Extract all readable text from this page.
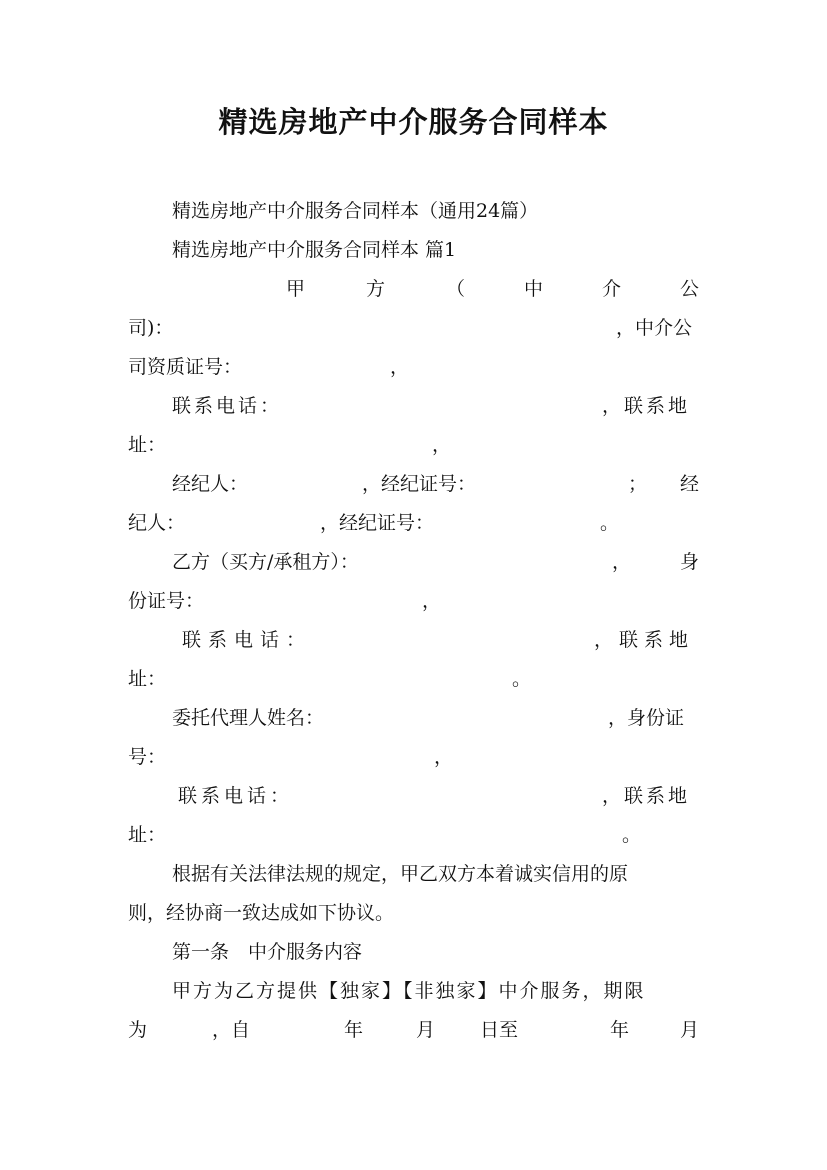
精选房地产中介服务合同样本
精选房地产中介服务合同样本（通用24篇）
精选房地产中介服务合同样本 篇1
甲	方	（	中	介	公
司)：	，中介公
司资质证号：	，
联系电话：	，联系地
址：	，
经纪人：	，经纪证号：	； 经
纪人：	，经纪证号：	。
乙方（买方/承租方）：	，	身
份证号：	，
联系电话：	，联系地
址：	。
委托代理人姓名：	，身份证
号：	，
联系电话：	，联系地
址：	。
根据有关法律法规的规定，甲乙双方本着诚实信用的原
则，经协商一致达成如下协议。
第一条　中介服务内容
甲方为乙方提供【独家】【非独家】中介服务，期限
为	，自	年	月 日至	年	月
